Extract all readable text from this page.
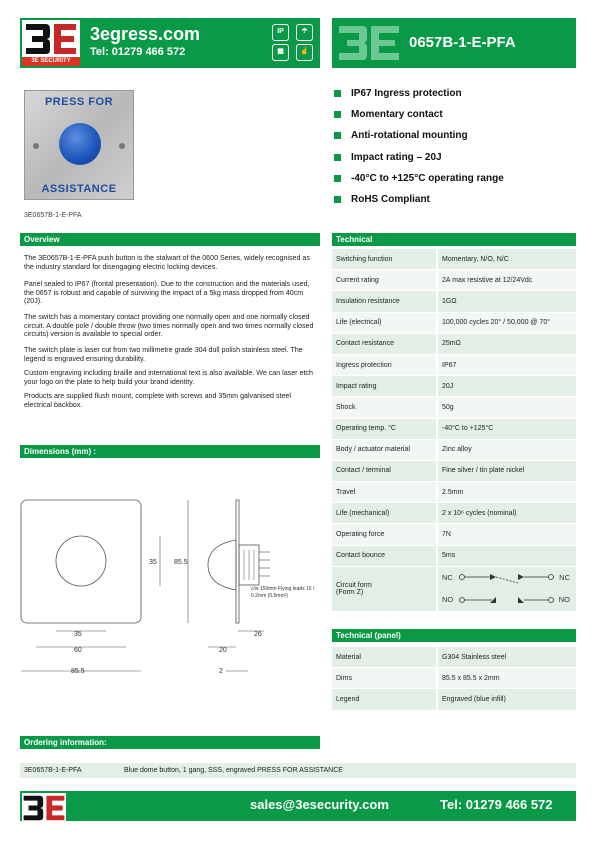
3E SECURITY
3egress.com
Tel: 01279 466 572
IP	☂
▦	☝
0657B-1-E-PFA
PRESS FOR
ASSISTANCE
3E0657B-1-E-PFA
IP67 Ingress protection
Momentary contact
Anti-rotational mounting
Impact rating – 20J
-40°C to +125°C operating range
RoHS Compliant
Overview
The 3E0657B-1-E-PFA push button is the stalwart of the 0600 Series, widely recognised as the industry standard for disengaging electric locking devices.
Panel sealed to IP67 (frontal presentation). Due to the construction and the materials used, the 0657 is robust and capable of surviving the impact of a 5kg mass dropped from 40cm (20J).
The switch has a momentary contact providing one normally open and one normally closed circuit. A double pole / double throw (two times normally open and two times normally closed circuits) version is available to special order.
The switch plate is laser cut from two millimetre grade 304 dull polish stainless steel. The legend is engraved ensuring durability.
Custom engraving including braille and international text is also available. We can laser etch your logo on the plate to help build your brand identity.
Products are supplied flush mount, complete with screws and 35mm galvanised steel electrical backbox.
Dimensions (mm) :
35 85.5
35
60
85.5
26
20
2
c/w 150mm Flying leads 16 / 0.2mm (0.5mm²)
Technical
Switching function	Momentary, N/O, N/C
Current rating	2A max resistive at 12/24Vdc
Insulation resistance	1GΩ
Life (electrical)	100,000 cycles 20° / 50,000 @ 70°
Contact resistance	25mΩ
Ingress protection	IP67
Impact rating	20J
Shock	50g
Operating temp. °C	-40°C to +125°C
Body / actuator material	Zinc alloy
Contact / terminal	Fine silver / tin plate nickel
Travel	2.5mm
Life (mechanical)	2 x 10⁶ cycles (nominal)
Operating force	7N
Contact bounce	5ms
Circuit form
(Form Z)
NC	NC
NO	NO
Technical (panel)
Material	G304 Stainless steel
Dims	85.5 x 85.5 x 2mm
Legend	Engraved (blue infill)
Ordering information:
3E0657B-1-E-PFA	Blue dome button, 1 gang, SSS, engraved PRESS FOR ASSISTANCE
sales@3esecurity.com	Tel: 01279 466 572
